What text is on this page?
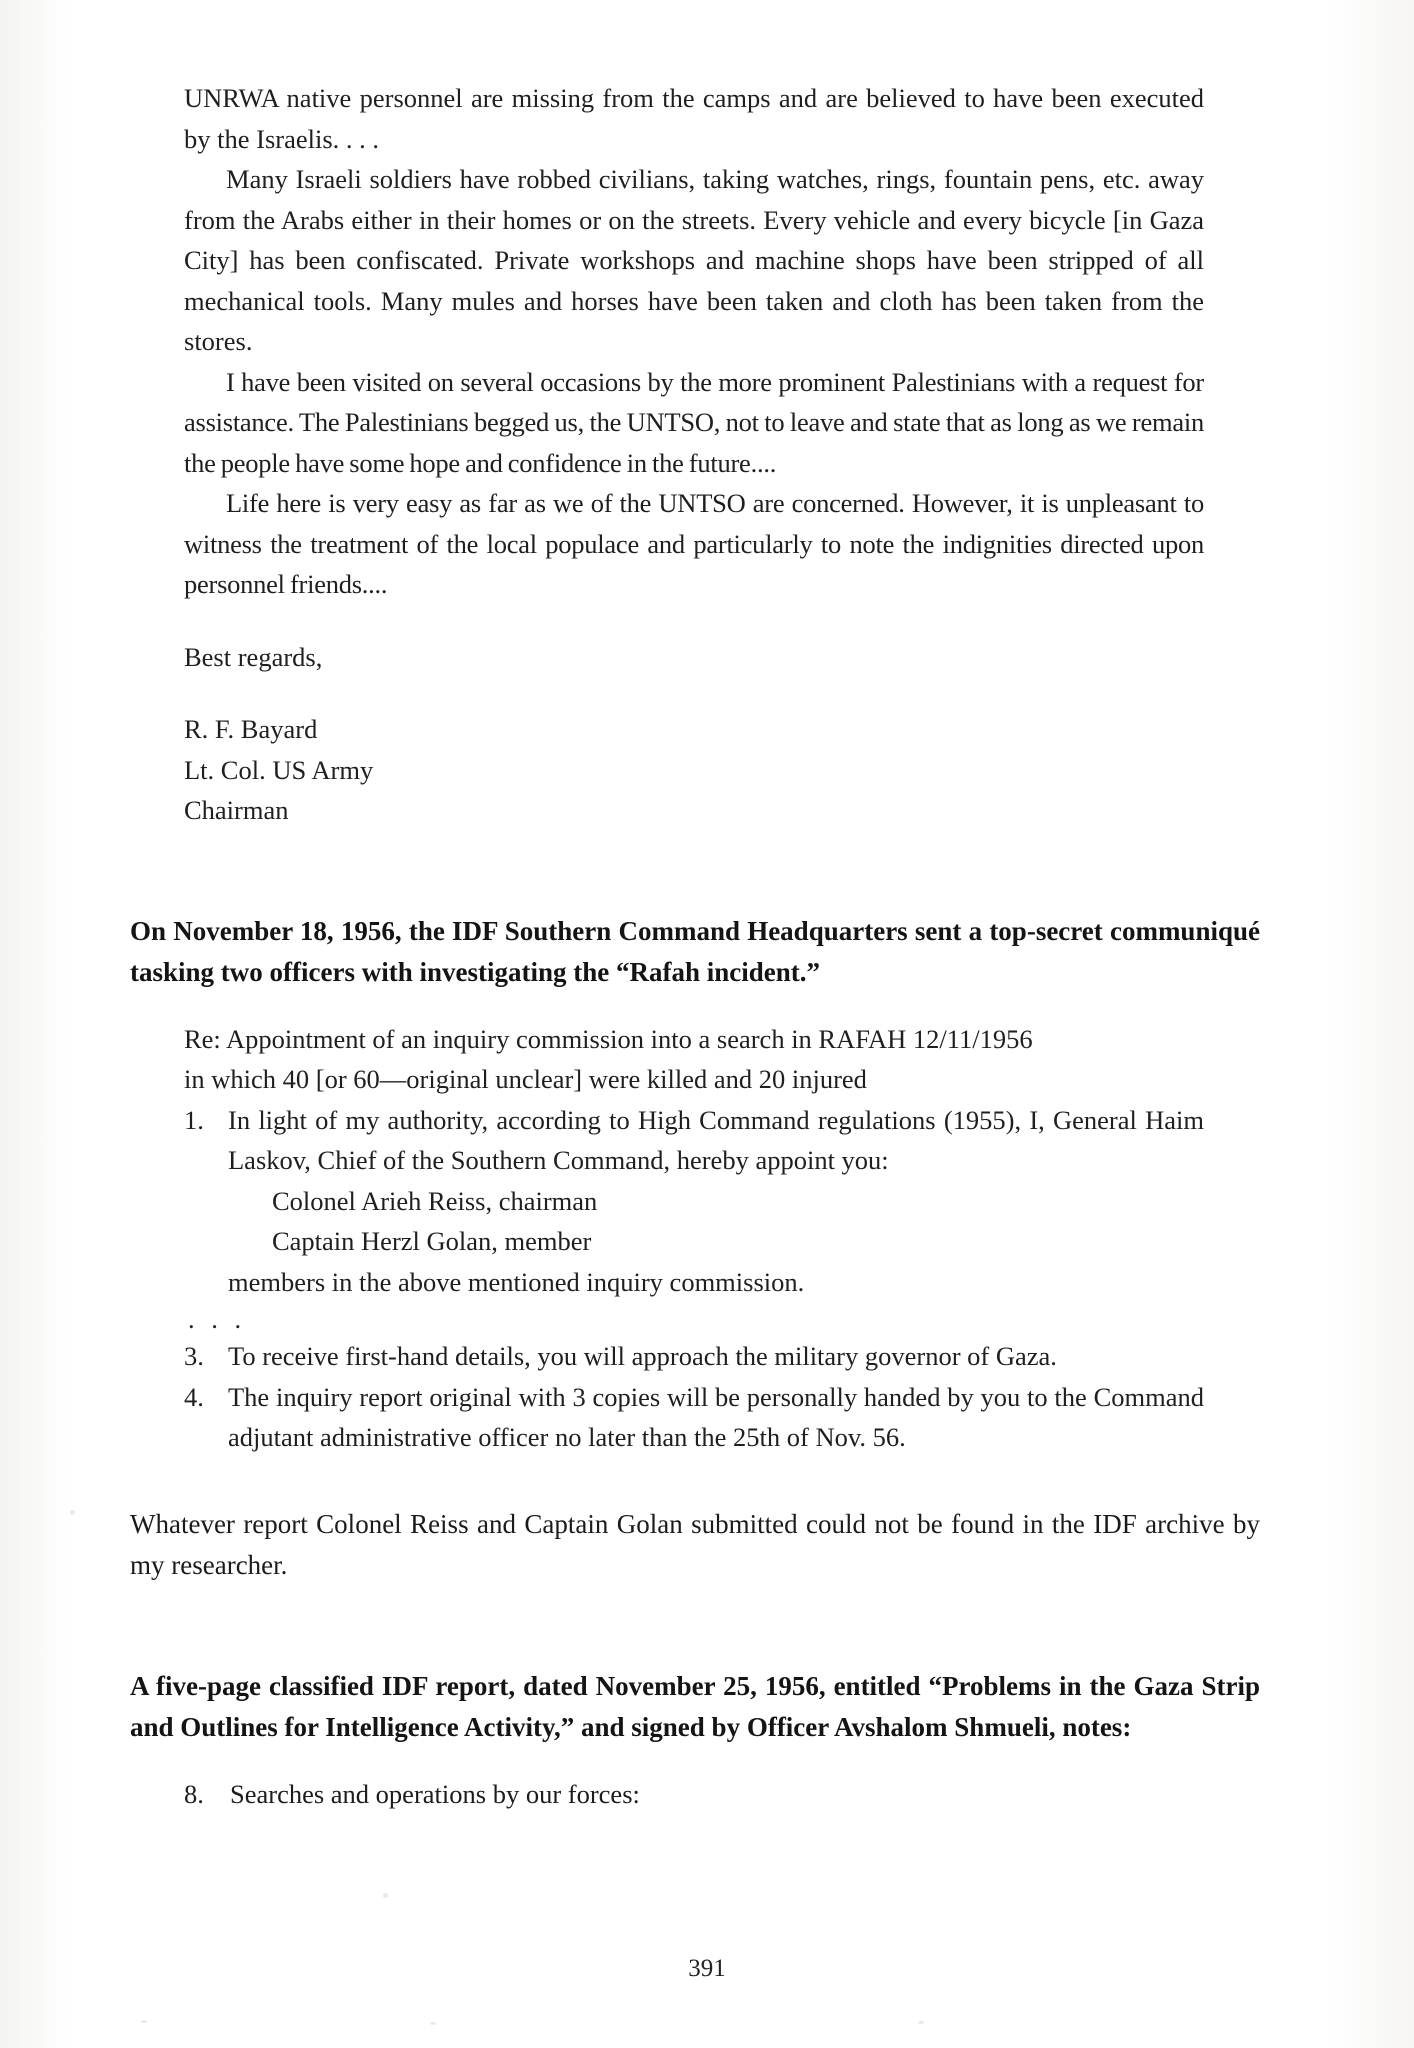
UNRWA native personnel are missing from the camps and are believed to have been executed by the Israelis. . . .

Many Israeli soldiers have robbed civilians, taking watches, rings, fountain pens, etc. away from the Arabs either in their homes or on the streets. Every vehicle and every bicycle [in Gaza City] has been confiscated. Private workshops and machine shops have been stripped of all mechanical tools. Many mules and horses have been taken and cloth has been taken from the stores.

I have been visited on several occasions by the more prominent Palestinians with a request for assistance. The Palestinians begged us, the UNTSO, not to leave and state that as long as we remain the people have some hope and confidence in the future....

Life here is very easy as far as we of the UNTSO are concerned. However, it is unpleasant to witness the treatment of the local populace and particularly to note the indignities directed upon personnel friends....

Best regards,
R. F. Bayard
Lt. Col. US Army
Chairman

On November 18, 1956, the IDF Southern Command Headquarters sent a top-secret communiqué tasking two officers with investigating the “Rafah incident.”

Re: Appointment of an inquiry commission into a search in RAFAH 12/11/1956
in which 40 [or 60—original unclear] were killed and 20 injured
1. In light of my authority, according to High Command regulations (1955), I, General Haim Laskov, Chief of the Southern Command, hereby appoint you:
Colonel Arieh Reiss, chairman
Captain Herzl Golan, member
members in the above mentioned inquiry commission.
. . .
3. To receive first-hand details, you will approach the military governor of Gaza.
4. The inquiry report original with 3 copies will be personally handed by you to the Command adjutant administrative officer no later than the 25th of Nov. 56.

Whatever report Colonel Reiss and Captain Golan submitted could not be found in the IDF archive by my researcher.

A five-page classified IDF report, dated November 25, 1956, entitled “Problems in the Gaza Strip and Outlines for Intelligence Activity,” and signed by Officer Avshalom Shmueli, notes:

8. Searches and operations by our forces:
391
